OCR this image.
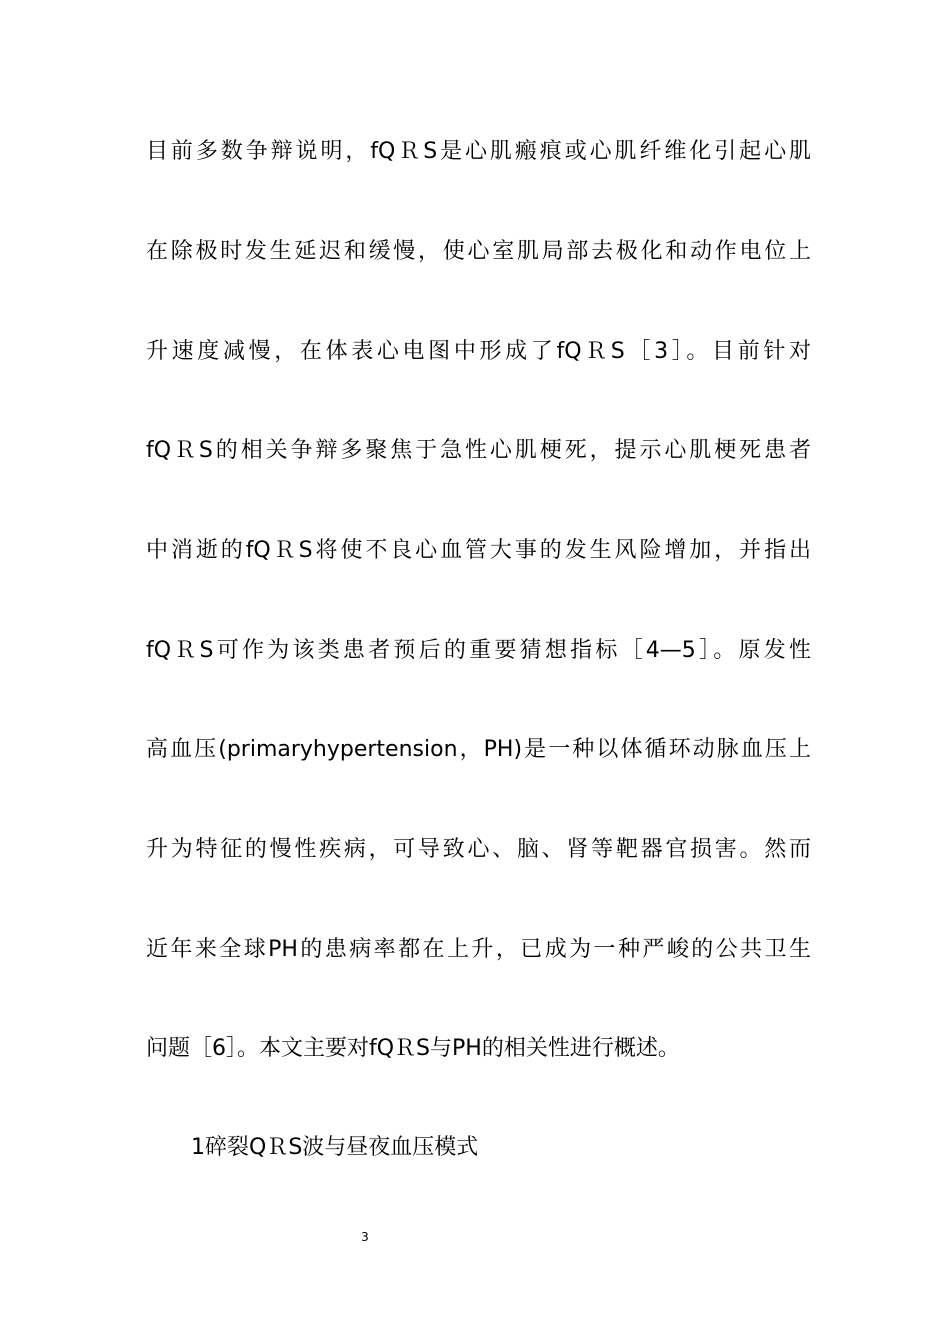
目前多数争辩说明，fQＲS是心肌瘢痕或心肌纤维化引起心肌
在除极时发生延迟和缓慢，使心室肌局部去极化和动作电位上
升速度减慢，在体表心电图中形成了fQＲS［3］。目前针对
fQＲS的相关争辩多聚焦于急性心肌梗死，提示心肌梗死患者
中消逝的fQＲS将使不良心血管大事的发生风险增加，并指出
fQＲS可作为该类患者预后的重要猜想指标［4—5］。原发性
高血压(primaryhypertension，PH)是一种以体循环动脉血压上
升为特征的慢性疾病，可导致心、脑、肾等靶器官损害。然而
近年来全球PH的患病率都在上升，已成为一种严峻的公共卫生
问题［6］。本文主要对fQＲS与PH的相关性进行概述。
1碎裂QＲS波与昼夜血压模式
3
